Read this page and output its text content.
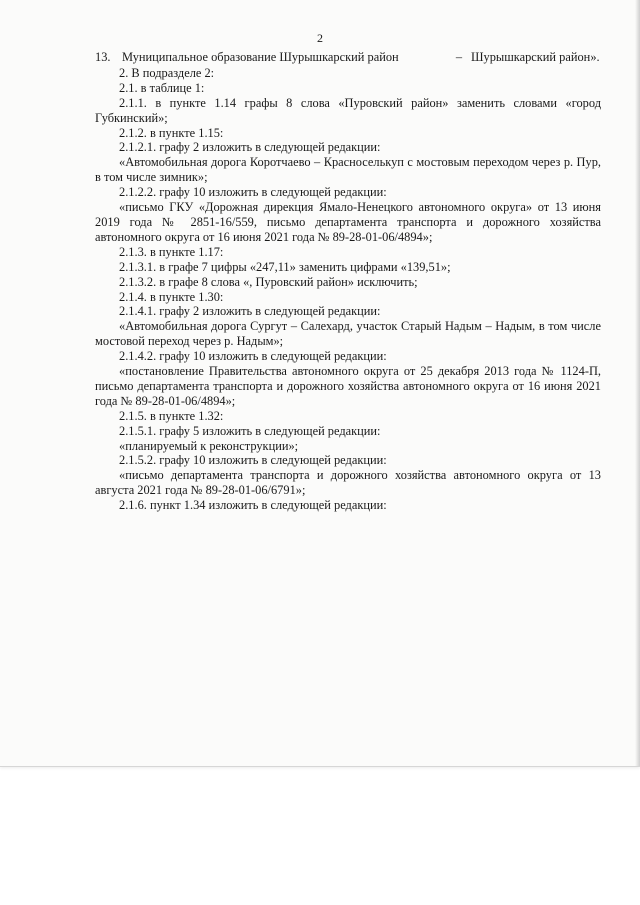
2
13. Муниципальное образование Шурышкарский район	– Шурышкарский район».

2. В подразделе 2:

2.1. в таблице 1:

2.1.1. в пункте 1.14 графы 8 слова «Пуровский район» заменить словами «город Губкинский»;

2.1.2. в пункте 1.15:

2.1.2.1. графу 2 изложить в следующей редакции:

«Автомобильная дорога Коротчаево – Красноселькуп с мостовым переходом через р. Пур, в том числе зимник»;

2.1.2.2. графу 10 изложить в следующей редакции:

«письмо ГКУ «Дорожная дирекция Ямало-Ненецкого автономного округа» от 13 июня 2019 года № 2851-16/559, письмо департамента транспорта и дорожного хозяйства автономного округа от 16 июня 2021 года № 89-28-01-06/4894»;

2.1.3. в пункте 1.17:

2.1.3.1. в графе 7 цифры «247,11» заменить цифрами «139,51»;

2.1.3.2. в графе 8 слова «, Пуровский район» исключить;

2.1.4. в пункте 1.30:

2.1.4.1. графу 2 изложить в следующей редакции:

«Автомобильная дорога Сургут – Салехард, участок Старый Надым – Надым, в том числе мостовой переход через р. Надым»;

2.1.4.2. графу 10 изложить в следующей редакции:

«постановление Правительства автономного округа от 25 декабря 2013 года № 1124-П, письмо департамента транспорта и дорожного хозяйства автономного округа от 16 июня 2021 года № 89-28-01-06/4894»;

2.1.5. в пункте 1.32:

2.1.5.1. графу 5 изложить в следующей редакции:

«планируемый к реконструкции»;

2.1.5.2. графу 10 изложить в следующей редакции:

«письмо департамента транспорта и дорожного хозяйства автономного округа от 13 августа 2021 года № 89-28-01-06/6791»;

2.1.6. пункт 1.34 изложить в следующей редакции:
